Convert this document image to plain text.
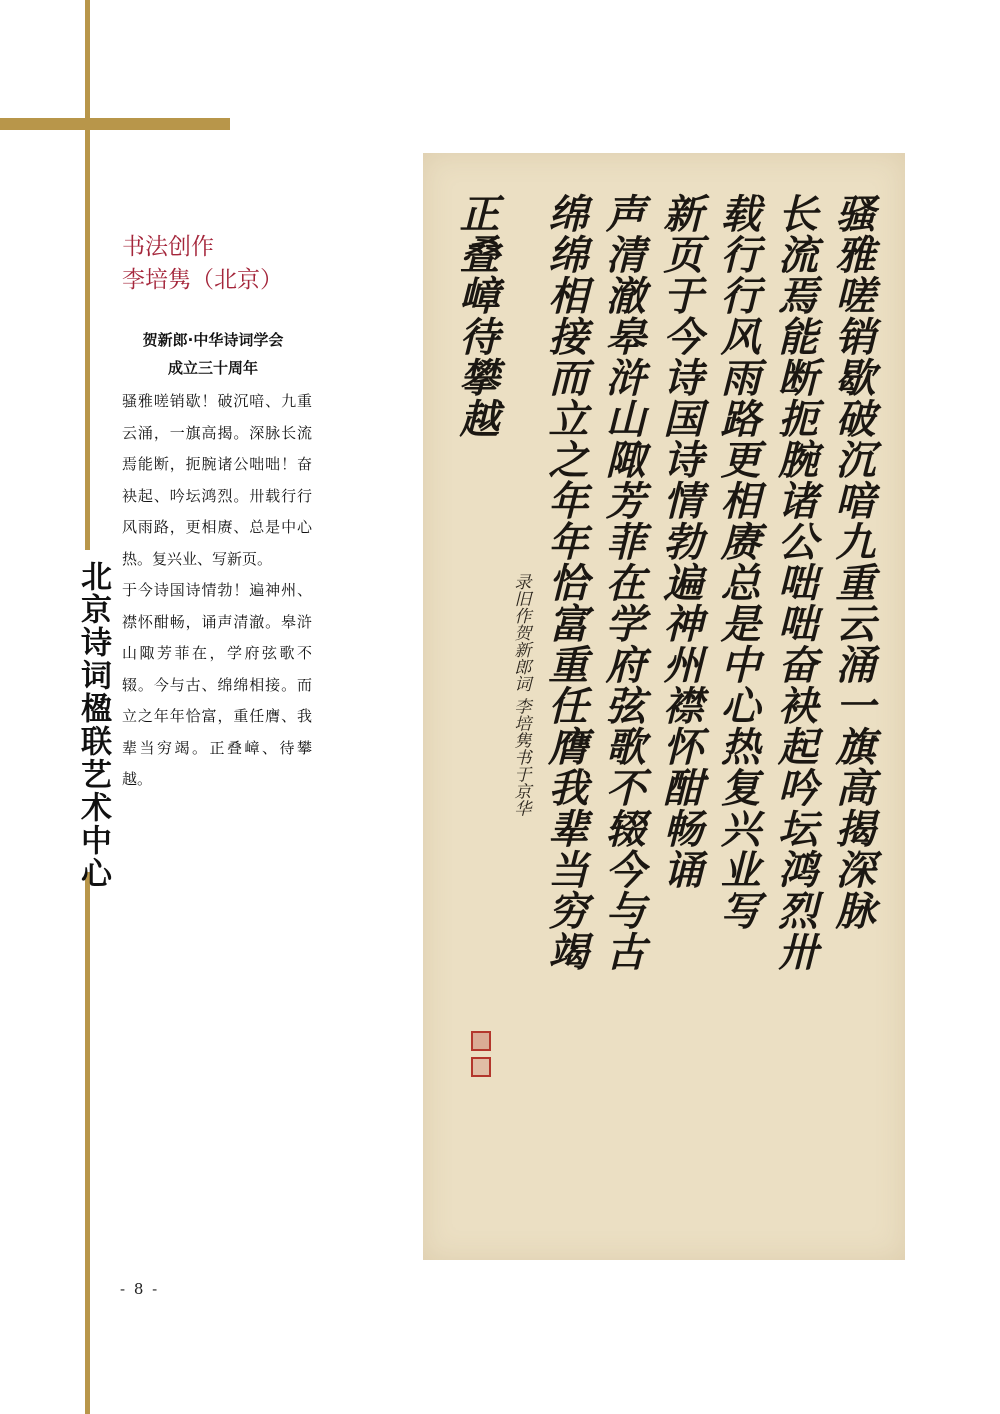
北京诗词楹联艺术中心
书法创作
李培隽（北京）
贺新郎·中华诗词学会
成立三十周年

骚雅嗟销歇！破沉喑、九重云涌，一旗高揭。深脉长流焉能断，扼腕诸公咄咄！奋袂起、吟坛鸿烈。卅载行行风雨路，更相赓、总是中心热。复兴业、写新页。

于今诗国诗情勃！遍神州、襟怀酣畅，诵声清澈。皋浒山陬芳菲在，学府弦歌不辍。今与古、绵绵相接。而立之年年恰富，重任膺、我辈当穷竭。正叠嶂、待攀越。

- 8 -
骚雅嗟销歇破沉喑九重云涌一旗高揭深脉
长流焉能断扼腕诸公咄咄奋袂起吟坛鸿烈卅
载行行风雨路更相赓总是中心热复兴业写
新页于今诗国诗情勃遍神州襟怀酣畅诵
声清澈皋浒山陬芳菲在学府弦歌不辍今与古
绵绵相接而立之年年恰富重任膺我辈当穷竭
录旧作贺新郎词 李培隽书于京华
正叠嶂待攀越
